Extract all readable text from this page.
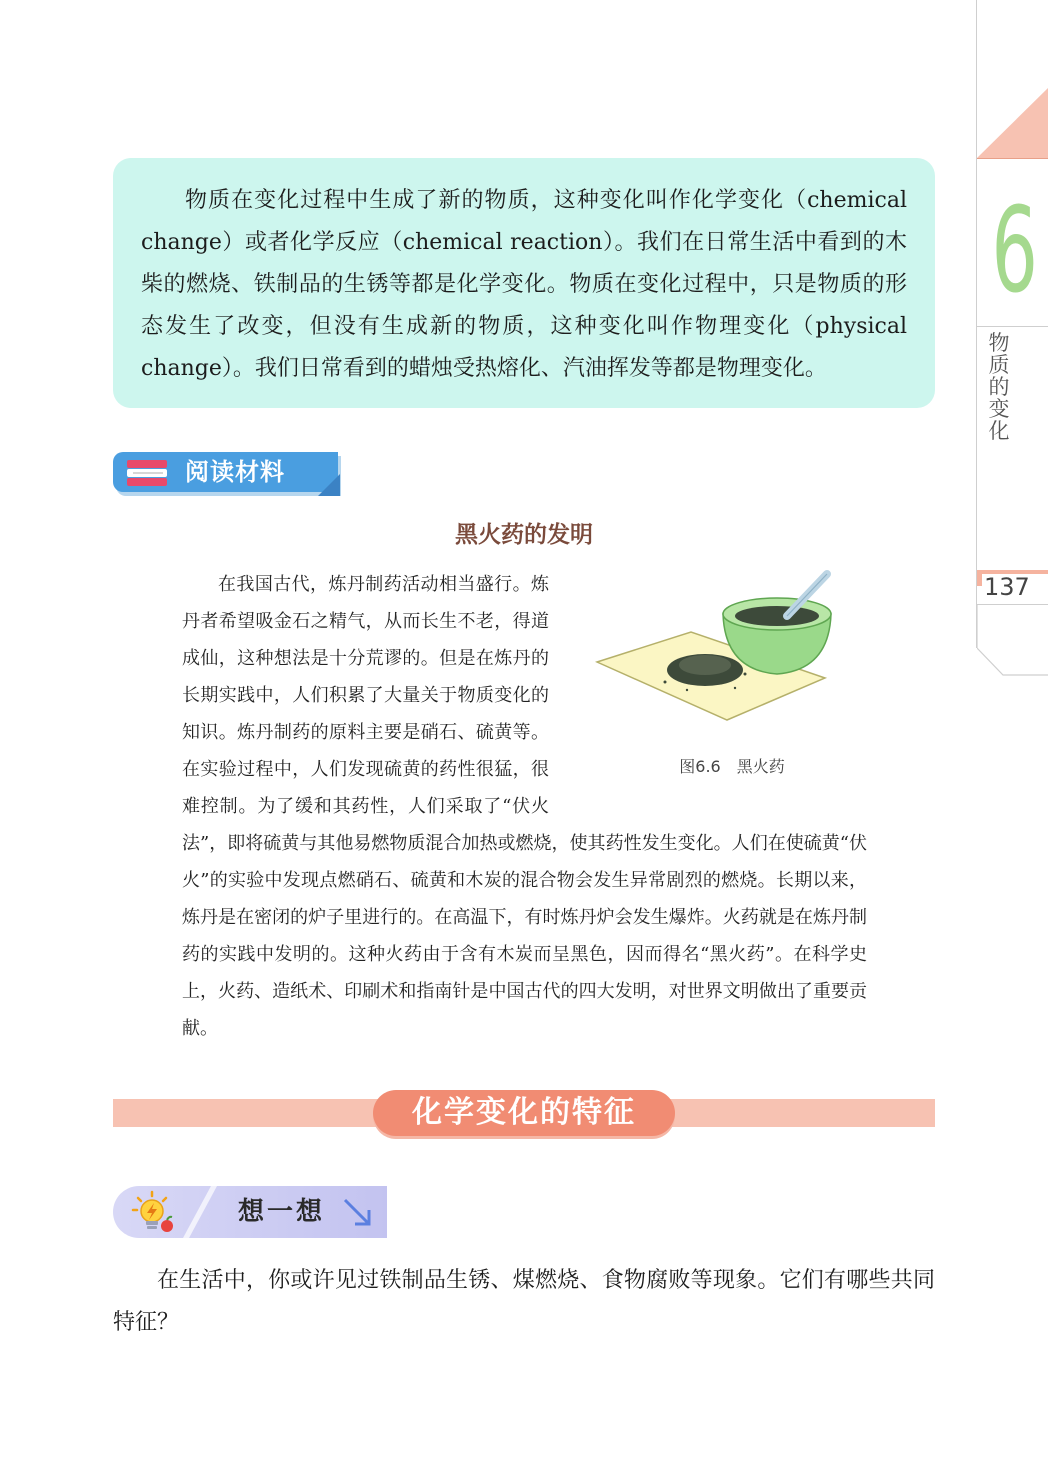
6
物质的变化
137

物质在变化过程中生成了新的物质，这种变化叫作化学变化（chemical change）或者化学反应（chemical reaction）。我们在日常生活中看到的木柴的燃烧、铁制品的生锈等都是化学变化。物质在变化过程中，只是物质的形态发生了改变，但没有生成新的物质，这种变化叫作物理变化（physical change）。我们日常看到的蜡烛受热熔化、汽油挥发等都是物理变化。

阅读材料
黑火药的发明
图6.6　黑火药

在我国古代，炼丹制药活动相当盛行。炼丹者希望吸金石之精气，从而长生不老，得道成仙，这种想法是十分荒谬的。但是在炼丹的长期实践中，人们积累了大量关于物质变化的知识。炼丹制药的原料主要是硝石、硫黄等。在实验过程中，人们发现硫黄的药性很猛，很难控制。为了缓和其药性，人们采取了“伏火法”，即将硫黄与其他易燃物质混合加热或燃烧，使其药性发生变化。人们在使硫黄“伏火”的实验中发现点燃硝石、硫黄和木炭的混合物会发生异常剧烈的燃烧。长期以来，炼丹是在密闭的炉子里进行的。在高温下，有时炼丹炉会发生爆炸。火药就是在炼丹制药的实践中发明的。这种火药由于含有木炭而呈黑色，因而得名“黑火药”。在科学史上，火药、造纸术、印刷术和指南针是中国古代的四大发明，对世界文明做出了重要贡献。

化学变化的特征
想一想

在生活中，你或许见过铁制品生锈、煤燃烧、食物腐败等现象。它们有哪些共同特征？
